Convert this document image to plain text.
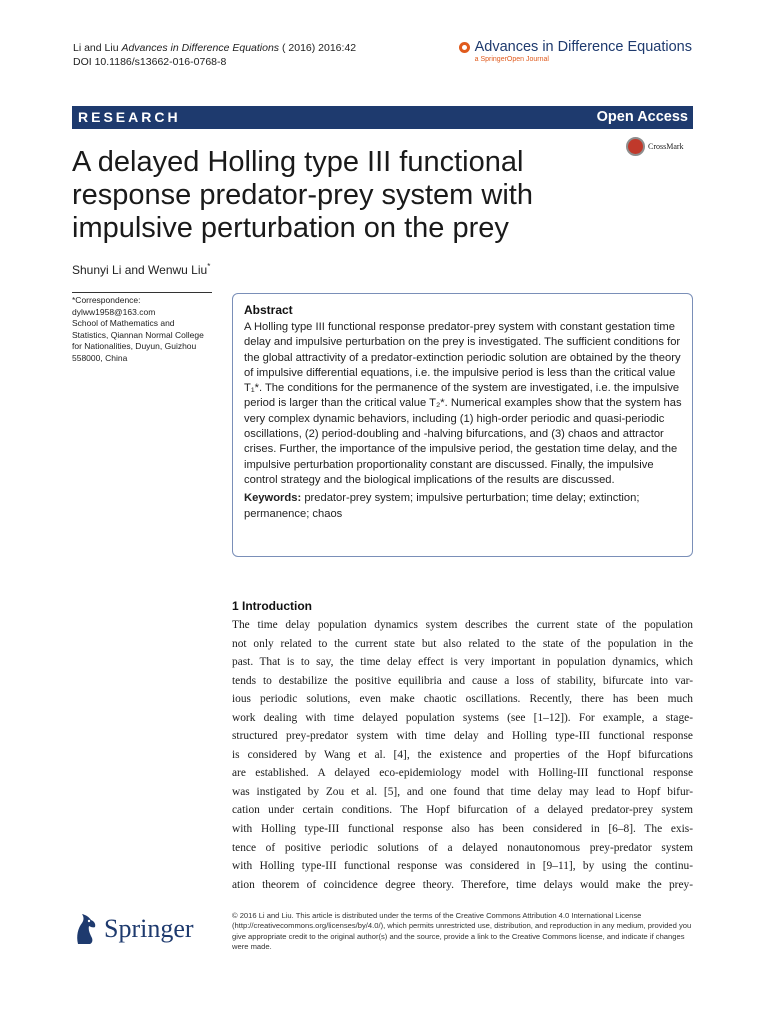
Li and Liu Advances in Difference Equations ( 2016) 2016:42
DOI 10.1186/s13662-016-0768-8
Advances in Difference Equations
a SpringerOpen Journal
RESEARCH	Open Access
CrossMark
A delayed Holling type III functional response predator-prey system with impulsive perturbation on the prey
Shunyi Li and Wenwu Liu*
*Correspondence:
dylww1958@163.com
School of Mathematics and
Statistics, Qiannan Normal College
for Nationalities, Duyun, Guizhou
558000, China
Abstract

A Holling type III functional response predator-prey system with constant gestation time delay and impulsive perturbation on the prey is investigated. The sufficient conditions for the global attractivity of a predator-extinction periodic solution are obtained by the theory of impulsive differential equations, i.e. the impulsive period is less than the critical value T₁*. The conditions for the permanence of the system are investigated, i.e. the impulsive period is larger than the critical value T₂*. Numerical examples show that the system has very complex dynamic behaviors, including (1) high-order periodic and quasi-periodic oscillations, (2) period-doubling and -halving bifurcations, and (3) chaos and attractor crises. Further, the importance of the impulsive period, the gestation time delay, and the impulsive perturbation proportionality constant are discussed. Finally, the impulsive control strategy and the biological implications of the results are discussed.

Keywords: predator-prey system; impulsive perturbation; time delay; extinction; permanence; chaos

1 Introduction
The time delay population dynamics system describes the current state of the population
not only related to the current state but also related to the state of the population in the
past. That is to say, the time delay effect is very important in population dynamics, which
tends to destabilize the positive equilibria and cause a loss of stability, bifurcate into var-
ious periodic solutions, even make chaotic oscillations. Recently, there has been much
work dealing with time delayed population systems (see [1–12]). For example, a stage-
structured prey-predator system with time delay and Holling type-III functional response
is considered by Wang et al. [4], the existence and properties of the Hopf bifurcations
are established. A delayed eco-epidemiology model with Holling-III functional response
was instigated by Zou et al. [5], and one found that time delay may lead to Hopf bifur-
cation under certain conditions. The Hopf bifurcation of a delayed predator-prey system
with Holling type-III functional response also has been considered in [6–8]. The exis-
tence of positive periodic solutions of a delayed nonautonomous prey-predator system
with Holling type-III functional response was considered in [9–11], by using the continu-
ation theorem of coincidence degree theory. Therefore, time delays would make the prey-
Springer	© 2016 Li and Liu. This article is distributed under the terms of the Creative Commons Attribution 4.0 International License (http://creativecommons.org/licenses/by/4.0/), which permits unrestricted use, distribution, and reproduction in any medium, provided you give appropriate credit to the original author(s) and the source, provide a link to the Creative Commons license, and indicate if changes were made.
